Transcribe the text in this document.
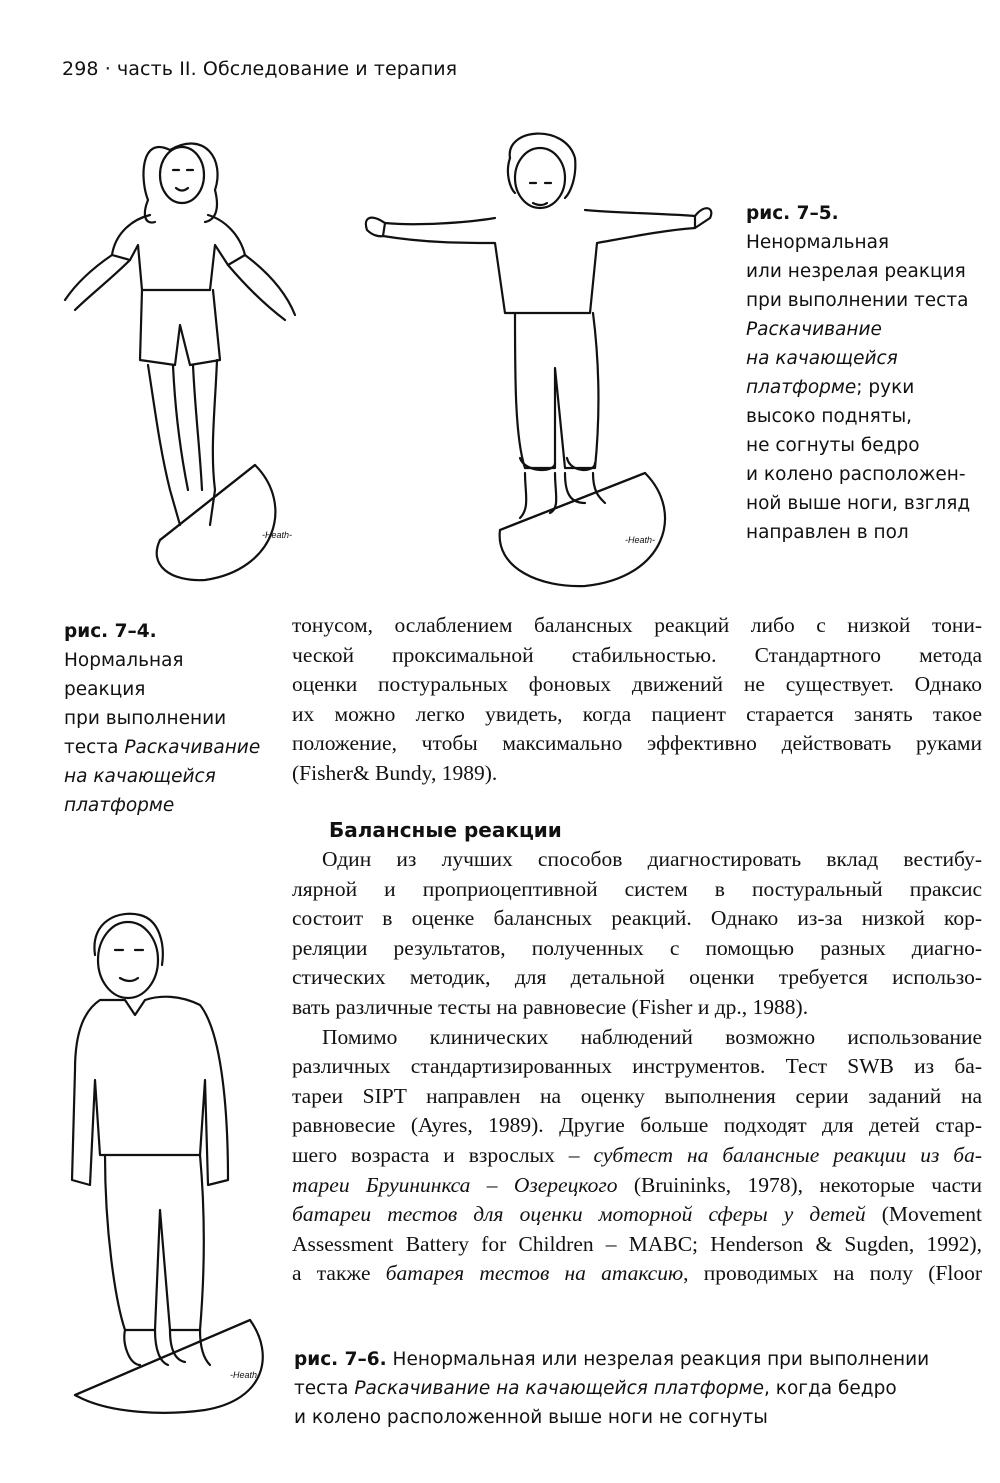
298 · часть II. Обследование и терапия
-Heath-	-Heath-
-Heath-
рис. 7–5.
Ненормальная
или незрелая реакция
при выполнении теста
Раскачивание
на качающейся
платформе; руки
высоко подняты,
не согнуты бедро
и колено расположен-
ной выше ноги, взгляд
направлен в пол
рис. 7–4.
Нормальная
реакция
при выполнении
теста Раскачивание
на качающейся
платформе
тонусом, ослаблением балансных реакций либо с низкой тони-
ческой проксимальной стабильностью. Стандартного метода
оценки постуральных фоновых движений не существует. Однако
их можно легко увидеть, когда пациент старается занять такое
положение, чтобы максимально эффективно действовать руками
(Fisher& Bundy, 1989).
Балансные реакции
Один из лучших способов диагностировать вклад вестибу-
лярной и проприоцептивной систем в постуральный праксис
состоит в оценке балансных реакций. Однако из-за низкой кор-
реляции результатов, полученных с помощью разных диагно-
стических методик, для детальной оценки требуется использо-
вать различные тесты на равновесие (Fisher и др., 1988).
Помимо клинических наблюдений возможно использование
различных стандартизированных инструментов. Тест SWB из ба-
тареи SIPT направлен на оценку выполнения серии заданий на
равновесие (Ayres, 1989). Другие больше подходят для детей стар-
шего возраста и взрослых – субтест на балансные реакции из ба-
тареи Бруининкса – Озерецкого (Bruininks, 1978), некоторые части
батареи тестов для оценки моторной сферы у детей (Movement
Assessment Battery for Children – MABC; Henderson & Sugden, 1992),
а также батарея тестов на атаксию, проводимых на полу (Floor
рис. 7–6. Ненормальная или незрелая реакция при выполнении
теста Раскачивание на качающейся платформе, когда бедро
и колено расположенной выше ноги не согнуты
